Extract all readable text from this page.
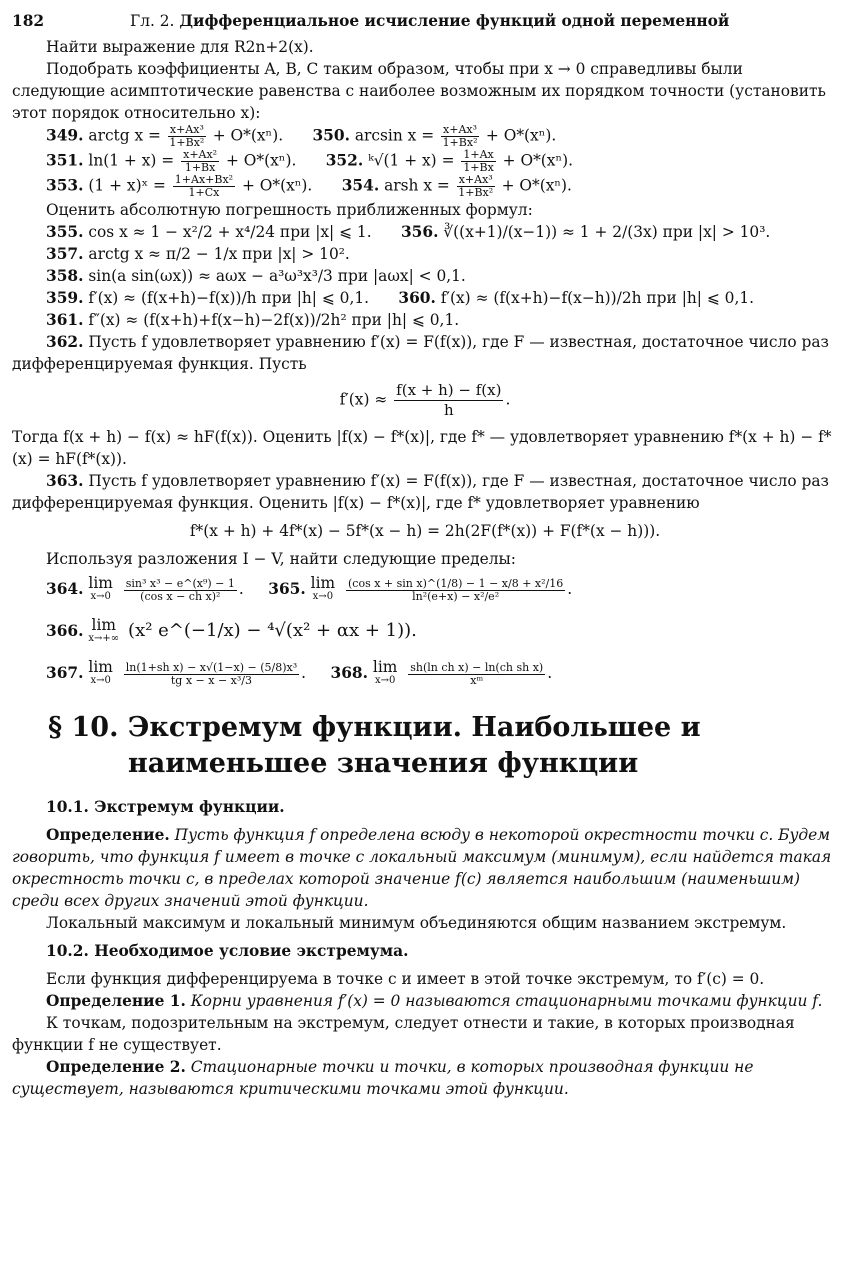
182	Гл. 2. Дифференциальное исчисление функций одной переменной

Найти выражение для R2n+2(x).

Подобрать коэффициенты A, B, C таким образом, чтобы при x → 0 справедливы были следующие асимптотические равенства с наиболее возможным их порядком точности (установить этот порядок относительно x):

349. arctg $x = \frac{\text{x+Ax³}}{\text{1+Bx²}} + O*(x^n)$. 350. $\arcsin x = \frac{\text{x+Ax³}}{\text{1+Bx²}} + O*(x^n)$.
351. $\ln(1 + x) = \frac{\text{x+Ax²}}{1+Bx} + O*(x^n)$. 352. ᵏ√(1 + $x) = \frac{1+Ax}{1+Bx} + O*(x^n)$.
353. (1 + x)ˣ = $\frac{\text{1+Ax+Bx²}}{1+Cx} + O*(x^n)$. 354. arsh $x = \frac{\text{x+Ax³}}{\text{1+Bx²}} + O*(x^n)$.

Оценить абсолютную погрешность приближенных формул:

355. cos x ≈ 1 − x²/2 + x⁴/24 при |x| ⩽ 1. 356. ∛((x+1)/(x−1)) ≈ 1 + 2/(3x) при |x| > 10³.
357. arctg x ≈ π/2 − 1/x при |x| > 10².
358. sin(a sin(ωx)) ≈ aωx − a³ω³x³/3 при |aωx| < 0,1.
359. f′(x) ≈ (f(x+h)−f(x))/h при |h| ⩽ 0,1. 360. f′(x) ≈ (f(x+h)−f(x−h))/2h при |h| ⩽ 0,1.
361. f″(x) ≈ (f(x+h)+f(x−h)−2f(x))/2h² при |h| ⩽ 0,1.

362. Пусть f удовлетворяет уравнению f′(x) = F(f(x)), где F — известная, достаточное число раз дифференцируемая функция. Пусть

$f'(x) \approx \frac{f(x + h) - f(x)}{h}$ .

Тогда f(x + h) − f(x) ≈ hF(f(x)). Оценить |f(x) − f*(x)|, где f* — удовлетворяет уравнению f*(x + h) − f*(x) = hF(f*(x)).

363. Пусть f удовлетворяет уравнению f′(x) = F(f(x)), где F — известная, достаточное число раз дифференцируемая функция. Оценить |f(x) − f*(x)|, где f* удовлетворяет уравнению

f*(x + h) + 4f*(x) − 5f*(x − h) = 2h(2F(f*(x)) + F(f*(x − h))).

Используя разложения I − V, найти следующие пределы:

364. lim
x→0
$\frac{\text{sin³ x³ − e\textasciicircum{}(x⁹) − 1}}{\text{(cos x − ch x)²}}$ .     365. lim
x→0
$\frac{\text{(cos x + sin x)\textasciicircum{}(1/8) − 1 − x/8 + x²/16}}{\text{ln²(e+x) − x²/e²}}$ .
366. lim
x→+∞ (x² e^(−1/x) − ⁴√(x² + αx + 1)).
367. lim
x→0
$\frac{\text{ln(1+sh x) − x√(1−x) − (5/8)x³}}{\text{tg x − x − x³/3}}$ .     368. lim
x→0
$\frac{\text{sh(ln ch x) − ln(ch sh x)}}{\text{xᵐ}}$ .
§ 10. Экстремум функции. Наибольшее и
наименьшее значения функции
10.1. Экстремум функции.

Определение. Пусть функция f определена всюду в некоторой окрестности точки c. Будем говорить, что функция f имеет в точке c локальный максимум (минимум), если найдется такая окрестность точки c, в пределах которой значение f(c) является наибольшим (наименьшим) среди всех других значений этой функции.

Локальный максимум и локальный минимум объединяются общим названием экстремум.

10.2. Необходимое условие экстремума.

Если функция дифференцируема в точке c и имеет в этой точке экстремум, то f′(c) = 0.

Определение 1. Корни уравнения f′(x) = 0 называются стационарными точками функции f.

К точкам, подозрительным на экстремум, следует отнести и такие, в которых производная функции f не существует.

Определение 2. Стационарные точки и точки, в которых производная функции не существует, называются критическими точками этой функции.
